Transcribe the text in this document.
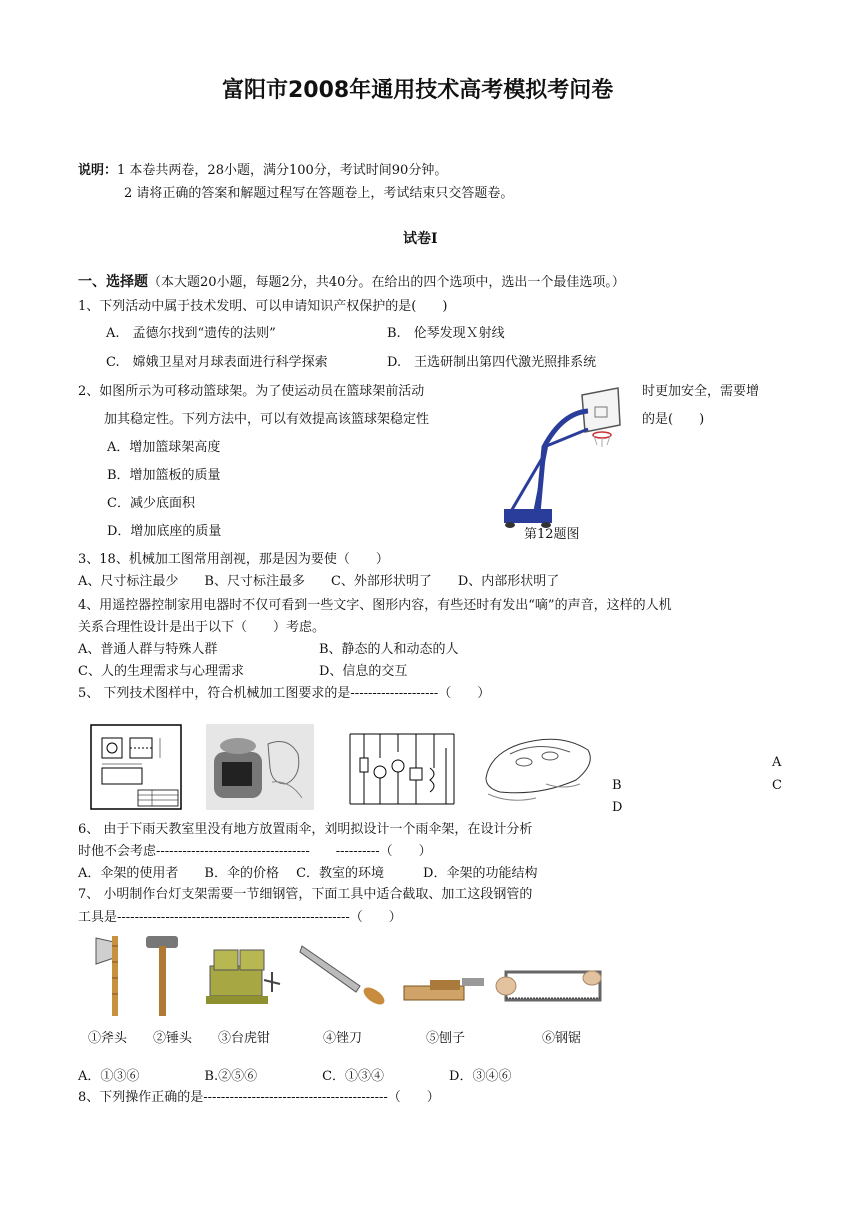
富阳市2008年通用技术高考模拟考问卷
说明：1 本卷共两卷，28小题，满分100分，考试时间90分钟。
2 请将正确的答案和解题过程写在答题卷上，考试结束只交答题卷。
试卷Ⅰ
一、选择题（本大题20小题，每题2分，共40分。在给出的四个选项中，选出一个最佳选项。）
1、下列活动中属于技术发明、可以申请知识产权保护的是(　　)
A.　孟德尔找到“遗传的法则”	B.　伦琴发现Ｘ射线
C.　嫦娥卫星对月球表面进行科学探索	D.　王选研制出第四代激光照排系统
2、如图所示为可移动篮球架。为了使运动员在篮球架前活动	时更加安全，需要增
加其稳定性。下列方法中，可以有效提高该篮球架稳定性	的是(　　)
A．增加篮球架高度
B．增加篮板的质量
C．减少底面积
D．增加底座的质量	第12题图
3、18、机械加工图常用剖视，那是因为要使（　　）
A、尺寸标注最少　　B、尺寸标注最多　　C、外部形状明了　　D、内部形状明了
4、用遥控器控制家用电器时不仅可看到一些文字、图形内容，有些还时有发出“嘀”的声音，这样的人机
关系合理性设计是出于以下（　　）考虑。
A、普通人群与特殊人群	B、静态的人和动态的人
C、人的生理需求与心理需求	D、信息的交互
5、 下列技术图样中，符合机械加工图要求的是--------------------（　　）
A
B	C
D
6、 由于下雨天教室里没有地方放置雨伞，刘明拟设计一个雨伞架，在设计分析
时他不会考虑-----------------------------------　　----------（　　）
A．伞架的使用者　　B．伞的价格　 C．教室的环境　　　D．伞架的功能结构
7、 小明制作台灯支架需要一节细钢管，下面工具中适合截取、加工这段钢管的
工具是-----------------------------------------------------（　　）
①斧头 ②锤头 ③台虎钳	④锉刀	⑤刨子	⑥钢锯
A．①③⑥　　　　　B.②⑤⑥　　　　　C．①③④　　　　　D．③④⑥
8、下列操作正确的是------------------------------------------（　　）
